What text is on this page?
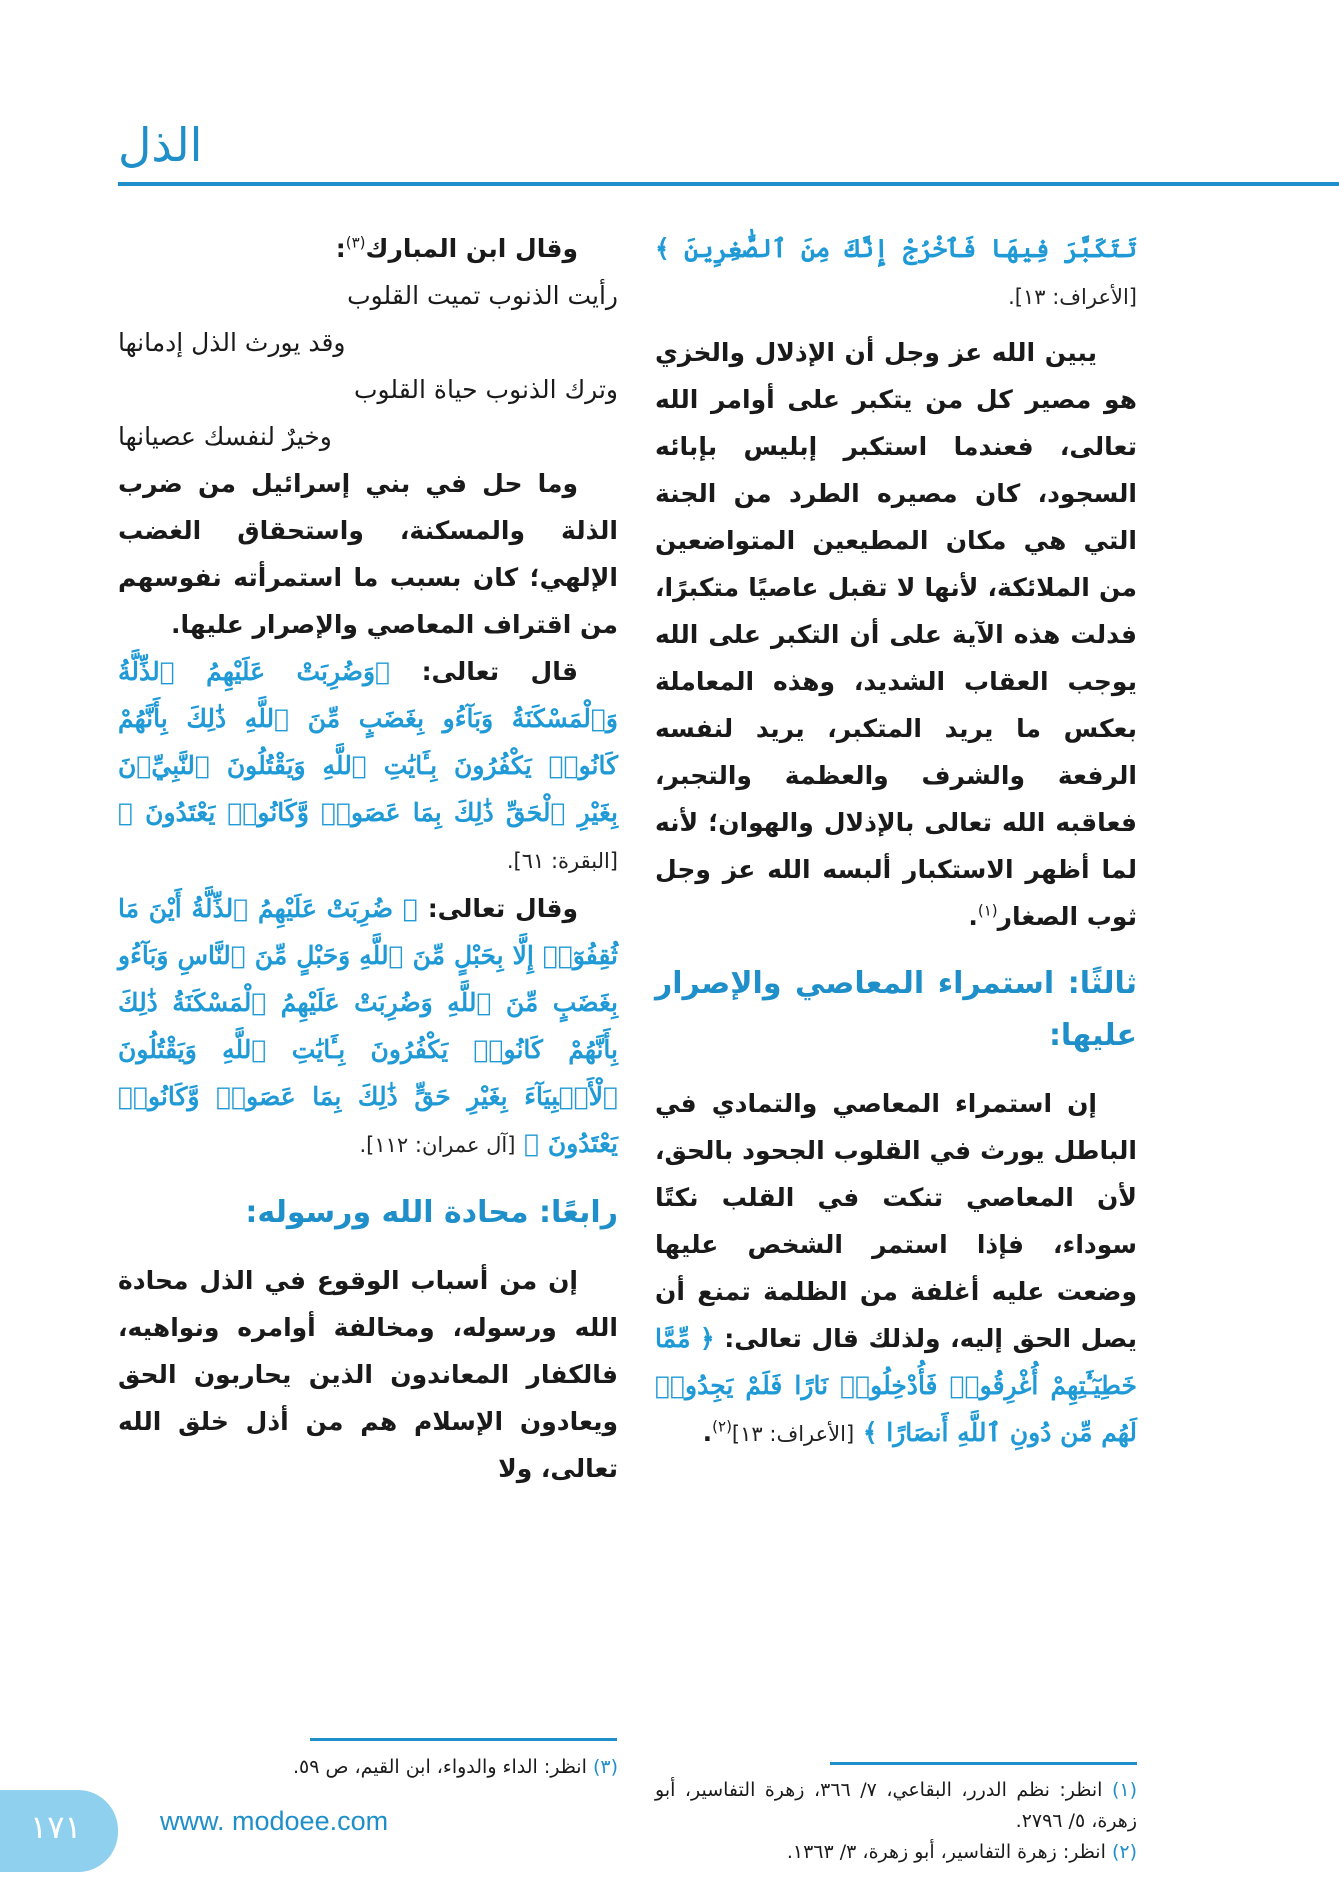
الذل

تَتَكَبَّرَ فِيهَا فَٱخْرُجْ إِنَّكَ مِنَ ٱلصَّٰغِرِينَ ﴾ [الأعراف: ١٣].

يبين الله عز وجل أن الإذلال والخزي هو مصير كل من يتكبر على أوامر الله تعالى، فعندما استكبر إبليس بإبائه السجود، كان مصيره الطرد من الجنة التي هي مكان المطيعين المتواضعين من الملائكة، لأنها لا تقبل عاصيًا متكبرًا، فدلت هذه الآية على أن التكبر على الله يوجب العقاب الشديد، وهذه المعاملة بعكس ما يريد المتكبر، يريد لنفسه الرفعة والشرف والعظمة والتجبر، فعاقبه الله تعالى بالإذلال والهوان؛ لأنه لما أظهر الاستكبار ألبسه الله عز وجل ثوب الصغار$^{(١)}$.

ثالثًا: استمراء المعاصي والإصرار عليها:

إن استمراء المعاصي والتمادي في الباطل يورث في القلوب الجحود بالحق، لأن المعاصي تنكت في القلب نكتًا سوداء، فإذا استمر الشخص عليها وضعت عليه أغلفة من الظلمة تمنع أن يصل الحق إليه، ولذلك قال تعالى: ﴿ مِّمَّا خَطِيٓـَٰٔتِهِمْ أُغْرِقُوا۟ فَأُدْخِلُوا۟ نَارًا فَلَمْ يَجِدُوا۟ لَهُم مِّن دُونِ ٱللَّهِ أَنصَارًا ﴾ [الأعراف: ١٣]$^{(٢)}$.

(١) انظر: نظم الدرر، البقاعي، ٧/ ٣٦٦، زهرة التفاسير، أبو زهرة، ٥/ ٢٧٩٦.
(٢) انظر: زهرة التفاسير، أبو زهرة، ٣/ ١٣٦٣.

وقال ابن المبارك$^{(٣)}$:

رأيت الذنوب تميت القلوب

وقد يورث الذل إدمانها

وترك الذنوب حياة القلوب

وخيرٌ لنفسك عصيانها

وما حل في بني إسرائيل من ضرب الذلة والمسكنة، واستحقاق الغضب الإلهي؛ كان بسبب ما استمرأته نفوسهم من اقتراف المعاصي والإصرار عليها.

قال تعالى: ﴿وَضُرِبَتْ عَلَيْهِمُ ٱلذِّلَّةُ وَٱلْمَسْكَنَةُ وَبَآءُو بِغَضَبٍ مِّنَ ٱللَّهِ ذَٰلِكَ بِأَنَّهُمْ كَانُوا۟ يَكْفُرُونَ بِـَٔايَٰتِ ٱللَّهِ وَيَقْتُلُونَ ٱلنَّبِيِّۦنَ بِغَيْرِ ٱلْحَقِّ ذَٰلِكَ بِمَا عَصَوا۟ وَّكَانُوا۟ يَعْتَدُونَ ﴾ [البقرة: ٦١].

وقال تعالى: ﴿ ضُرِبَتْ عَلَيْهِمُ ٱلذِّلَّةُ أَيْنَ مَا ثُقِفُوٓا۟ إِلَّا بِحَبْلٍ مِّنَ ٱللَّهِ وَحَبْلٍ مِّنَ ٱلنَّاسِ وَبَآءُو بِغَضَبٍ مِّنَ ٱللَّهِ وَضُرِبَتْ عَلَيْهِمُ ٱلْمَسْكَنَةُ ذَٰلِكَ بِأَنَّهُمْ كَانُوا۟ يَكْفُرُونَ بِـَٔايَٰتِ ٱللَّهِ وَيَقْتُلُونَ ٱلْأَنۢبِيَآءَ بِغَيْرِ حَقٍّ ذَٰلِكَ بِمَا عَصَوا۟ وَّكَانُوا۟ يَعْتَدُونَ ﴾ [آل عمران: ١١٢].

رابعًا: محادة الله ورسوله:

إن من أسباب الوقوع في الذل محادة الله ورسوله، ومخالفة أوامره ونواهيه، فالكفار المعاندون الذين يحاربون الحق ويعادون الإسلام هم من أذل خلق الله تعالى، ولا

(٣) انظر: الداء والدواء، ابن القيم، ص ٥٩.
١٧١	www. modoee.com
